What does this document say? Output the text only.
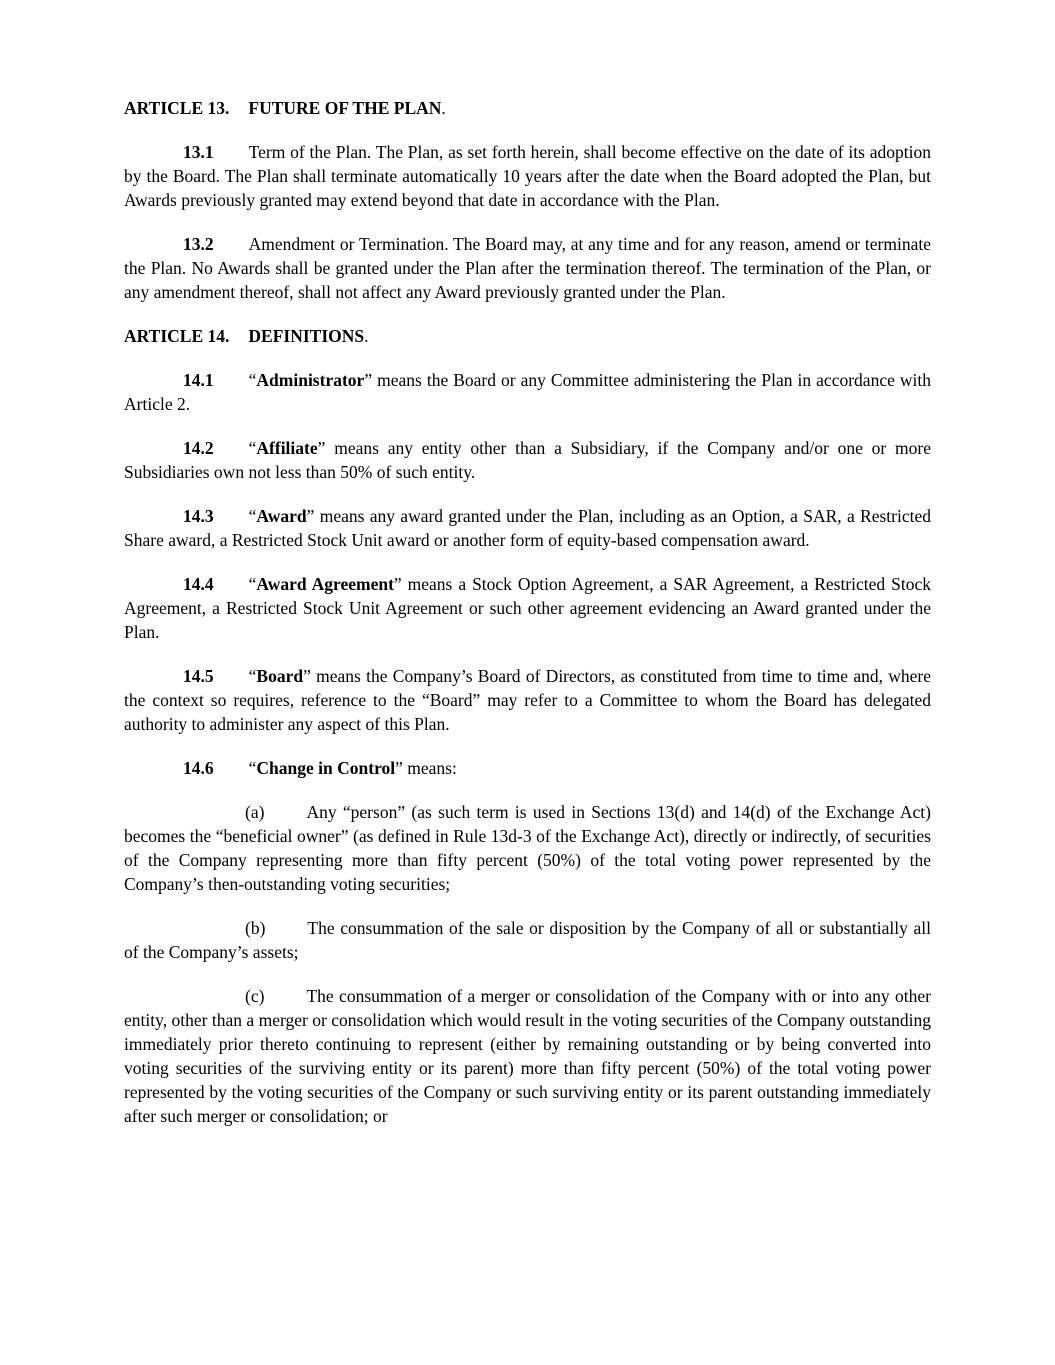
ARTICLE 13. FUTURE OF THE PLAN.

13.1 Term of the Plan. The Plan, as set forth herein, shall become effective on the date of its adoption by the Board. The Plan shall terminate automatically 10 years after the date when the Board adopted the Plan, but Awards previously granted may extend beyond that date in accordance with the Plan.

13.2 Amendment or Termination. The Board may, at any time and for any reason, amend or terminate the Plan. No Awards shall be granted under the Plan after the termination thereof. The termination of the Plan, or any amendment thereof, shall not affect any Award previously granted under the Plan.

ARTICLE 14. DEFINITIONS.

14.1 “Administrator” means the Board or any Committee administering the Plan in accordance with Article 2.

14.2 “Affiliate” means any entity other than a Subsidiary, if the Company and/or one or more Subsidiaries own not less than 50% of such entity.

14.3 “Award” means any award granted under the Plan, including as an Option, a SAR, a Restricted Share award, a Restricted Stock Unit award or another form of equity-based compensation award.

14.4 “Award Agreement” means a Stock Option Agreement, a SAR Agreement, a Restricted Stock Agreement, a Restricted Stock Unit Agreement or such other agreement evidencing an Award granted under the Plan.

14.5 “Board” means the Company’s Board of Directors, as constituted from time to time and, where the context so requires, reference to the “Board” may refer to a Committee to whom the Board has delegated authority to administer any aspect of this Plan.

14.6 “Change in Control” means:

(a) Any “person” (as such term is used in Sections 13(d) and 14(d) of the Exchange Act) becomes the “beneficial owner” (as defined in Rule 13d-3 of the Exchange Act), directly or indirectly, of securities of the Company representing more than fifty percent (50%) of the total voting power represented by the Company’s then-outstanding voting securities;

(b) The consummation of the sale or disposition by the Company of all or substantially all of the Company’s assets;

(c) The consummation of a merger or consolidation of the Company with or into any other entity, other than a merger or consolidation which would result in the voting securities of the Company outstanding immediately prior thereto continuing to represent (either by remaining outstanding or by being converted into voting securities of the surviving entity or its parent) more than fifty percent (50%) of the total voting power represented by the voting securities of the Company or such surviving entity or its parent outstanding immediately after such merger or consolidation; or
